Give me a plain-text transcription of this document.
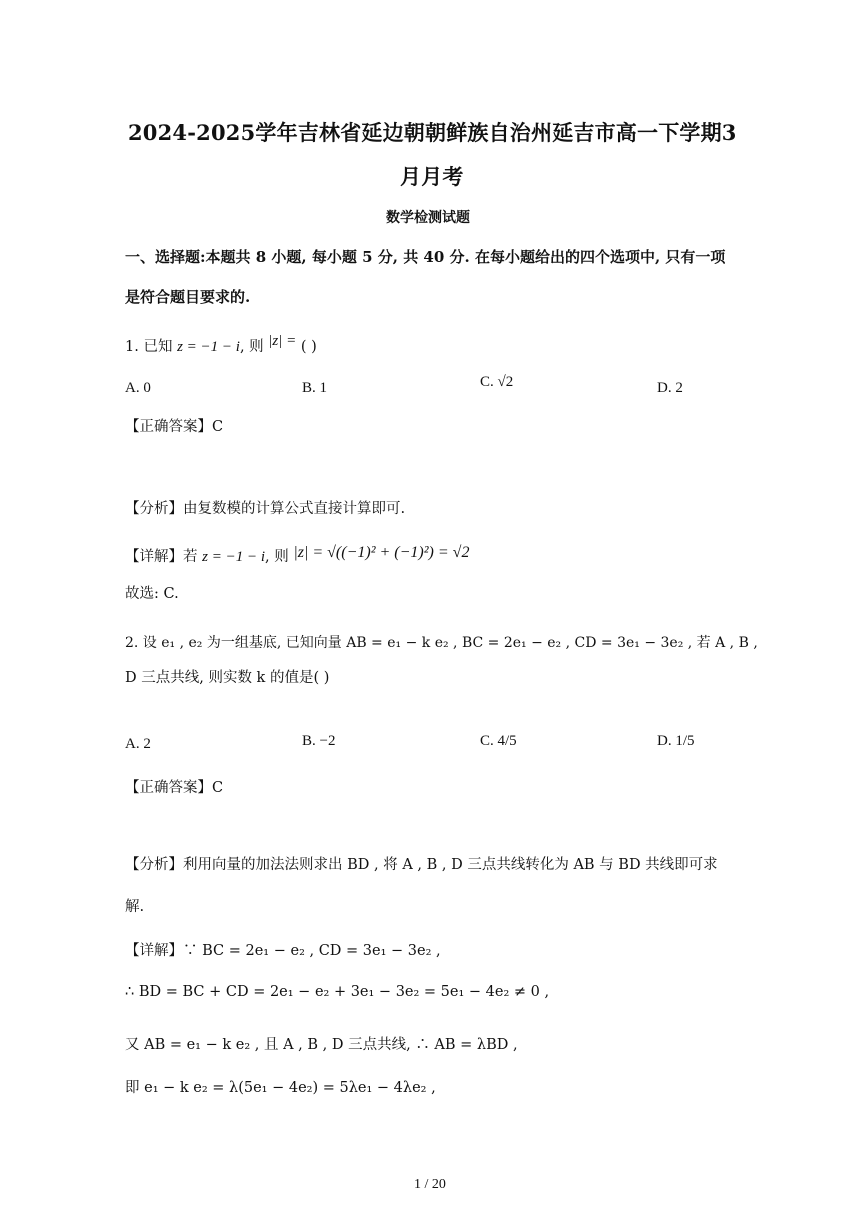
2024-2025学年吉林省延边朝朝鲜族自治州延吉市高一下学期3
月月考
数学检测试题
一、选择题:本题共 8 小题, 每小题 5 分, 共 40 分. 在每小题给出的四个选项中, 只有一项
是符合题目要求的.
1. 已知 z = −1 − i, 则 |z| = ( )
A. 0	B. 1	C. √2	D. 2
【正确答案】C
【分析】由复数模的计算公式直接计算即可.
【详解】若 z = −1 − i, 则 |z| = √((−1)² + (−1)²) = √2
故选: C.
2. 设 e₁ , e₂ 为一组基底, 已知向量 AB = e₁ − k e₂ , BC = 2e₁ − e₂ , CD = 3e₁ − 3e₂ , 若 A , B ,
D 三点共线, 则实数 k 的值是( )
A. 2	B. −2	C. 4/5	D. 1/5
【正确答案】C
【分析】利用向量的加法法则求出 BD , 将 A , B , D 三点共线转化为 AB 与 BD 共线即可求
解.
【详解】∵ BC = 2e₁ − e₂ , CD = 3e₁ − 3e₂ ,
∴ BD = BC + CD = 2e₁ − e₂ + 3e₁ − 3e₂ = 5e₁ − 4e₂ ≠ 0 ,
又 AB = e₁ − k e₂ , 且 A , B , D 三点共线, ∴ AB = λBD ,
即 e₁ − k e₂ = λ(5e₁ − 4e₂) = 5λe₁ − 4λe₂ ,
1 / 20
